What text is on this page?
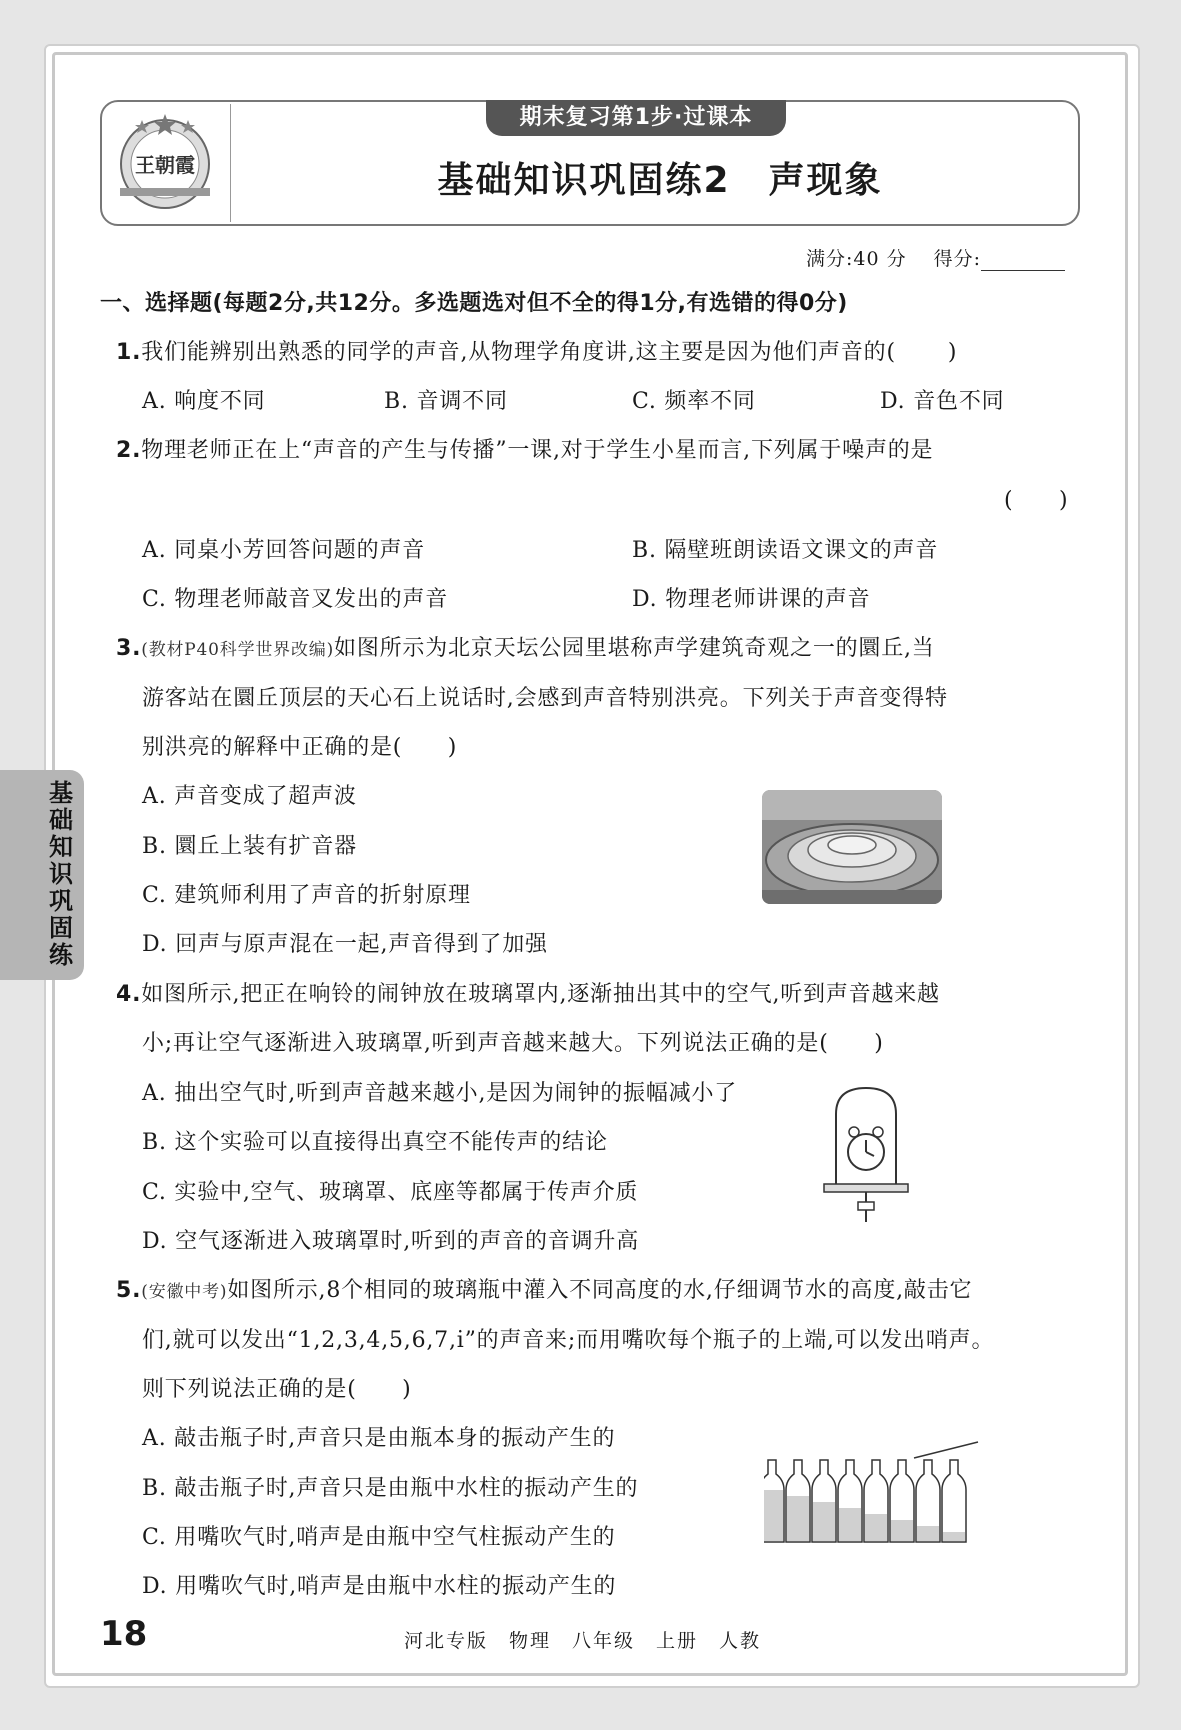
王朝霞
期末复习第1步·过课本
基础知识巩固练2　声现象
满分:40 分　 得分:
一、选择题(每题2分,共12分。多选题选对但不全的得1分,有选错的得0分)
1.我们能辨别出熟悉的同学的声音,从物理学角度讲,这主要是因为他们声音的( )
A. 响度不同	B. 音调不同	C. 频率不同	D. 音色不同
2.物理老师正在上“声音的产生与传播”一课,对于学生小星而言,下列属于噪声的是
(　　)
A. 同桌小芳回答问题的声音	B. 隔壁班朗读语文课文的声音
C. 物理老师敲音叉发出的声音	D. 物理老师讲课的声音
3.(教材P40科学世界改编)如图所示为北京天坛公园里堪称声学建筑奇观之一的圜丘,当
游客站在圜丘顶层的天心石上说话时,会感到声音特别洪亮。下列关于声音变得特
别洪亮的解释中正确的是(　　)
A. 声音变成了超声波
B. 圜丘上装有扩音器
C. 建筑师利用了声音的折射原理
D. 回声与原声混在一起,声音得到了加强
4.如图所示,把正在响铃的闹钟放在玻璃罩内,逐渐抽出其中的空气,听到声音越来越
小;再让空气逐渐进入玻璃罩,听到声音越来越大。下列说法正确的是(　　)
A. 抽出空气时,听到声音越来越小,是因为闹钟的振幅减小了
B. 这个实验可以直接得出真空不能传声的结论
C. 实验中,空气、玻璃罩、底座等都属于传声介质
D. 空气逐渐进入玻璃罩时,听到的声音的音调升高
5.(安徽中考)如图所示,8个相同的玻璃瓶中灌入不同高度的水,仔细调节水的高度,敲击它
们,就可以发出“1,2,3,4,5,6,7,i̇”的声音来;而用嘴吹每个瓶子的上端,可以发出哨声。
则下列说法正确的是(　　)
A. 敲击瓶子时,声音只是由瓶本身的振动产生的
B. 敲击瓶子时,声音只是由瓶中水柱的振动产生的
C. 用嘴吹气时,哨声是由瓶中空气柱振动产生的
D. 用嘴吹气时,哨声是由瓶中水柱的振动产生的
基础知识巩固练
18	河北专版　物理　八年级　上册　人教
